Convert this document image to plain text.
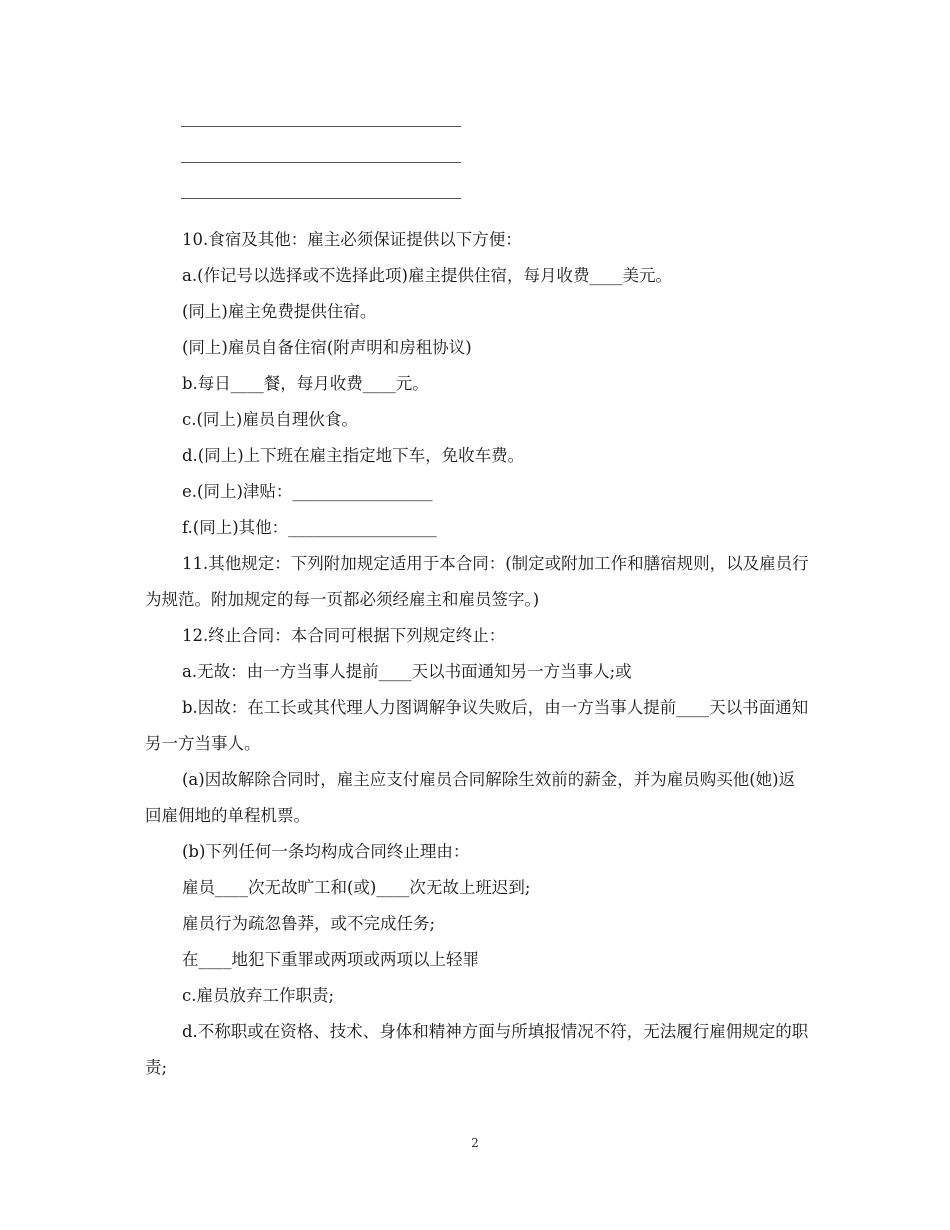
10.食宿及其他：雇主必须保证提供以下方便：

a.(作记号以选择或不选择此项)雇主提供住宿，每月收费____美元。

(同上)雇主免费提供住宿。

(同上)雇员自备住宿(附声明和房租协议)

b.每日____餐，每月收费____元。

c.(同上)雇员自理伙食。

d.(同上)上下班在雇主指定地下车，免收车费。

e.(同上)津贴：_________________

f.(同上)其他：__________________

11.其他规定：下列附加规定适用于本合同：(制定或附加工作和膳宿规则，以及雇员行为规范。附加规定的每一页都必须经雇主和雇员签字。)

12.终止合同：本合同可根据下列规定终止：

a.无故：由一方当事人提前____天以书面通知另一方当事人;或

b.因故：在工长或其代理人力图调解争议失败后，由一方当事人提前____天以书面通知另一方当事人。

(a)因故解除合同时，雇主应支付雇员合同解除生效前的薪金，并为雇员购买他(她)返回雇佣地的单程机票。

(b)下列任何一条均构成合同终止理由：

雇员____次无故旷工和(或)____次无故上班迟到;

雇员行为疏忽鲁莽，或不完成任务;

在____地犯下重罪或两项或两项以上轻罪

c.雇员放弃工作职责;

d.不称职或在资格、技术、身体和精神方面与所填报情况不符，无法履行雇佣规定的职责;

2
